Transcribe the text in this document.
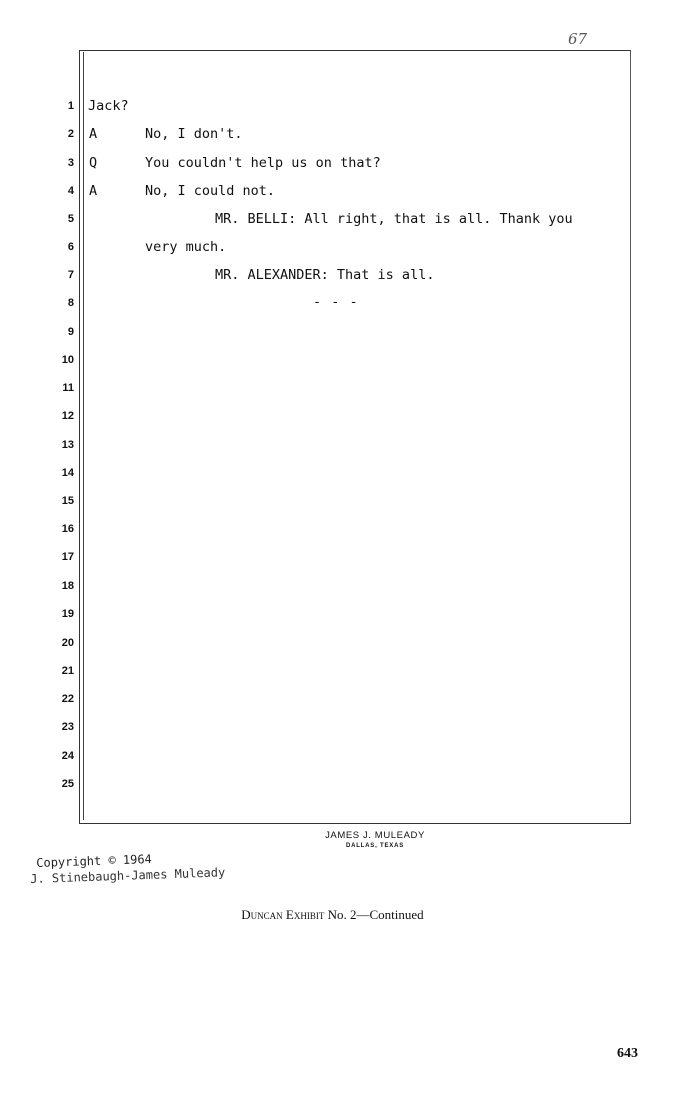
67
1
2
3
4
5
6
7
8
9
10
11
12
13
14
15
16
17
18
19
20
21
22
23
24
25
Jack?
A	No, I don't.
Q	You couldn't help us on that?
A	No, I could not.
MR. BELLI: All right, that is all. Thank you
very much.
MR. ALEXANDER: That is all.
- - -
JAMES J. MULEADY
DALLAS, TEXAS
Copyright © 1964
J. Stinebaugh-James Muleady
Duncan Exhibit No. 2—Continued
643
